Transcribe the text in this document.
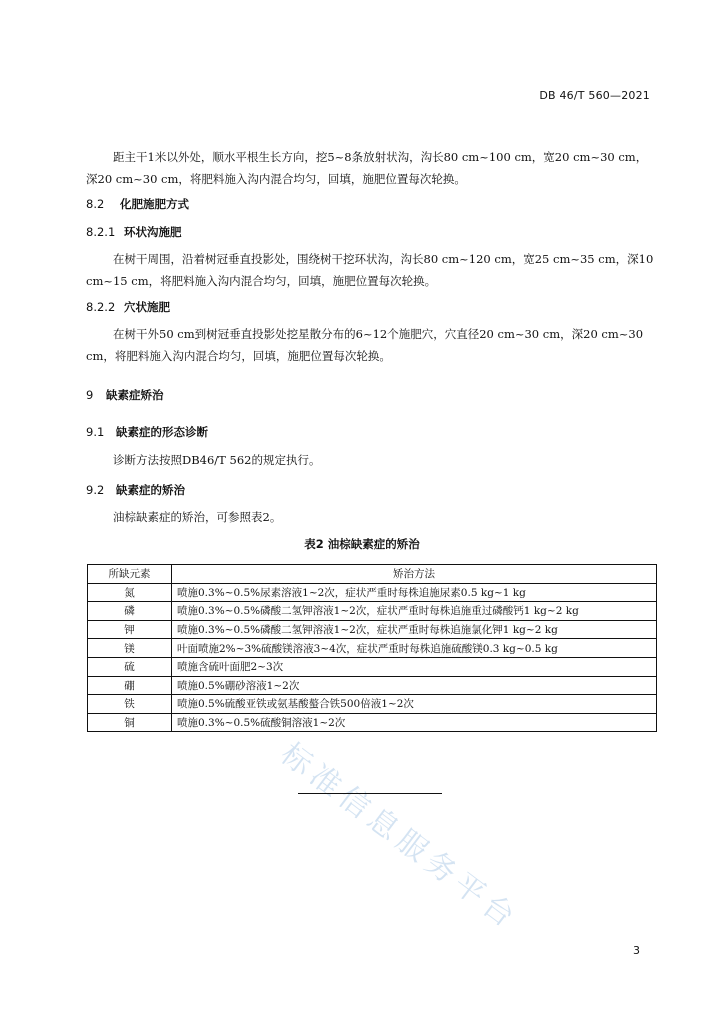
DB 46/T 560—2021
距主干1米以外处，顺水平根生长方向，挖5~8条放射状沟，沟长80 cm~100 cm，宽20 cm~30 cm，深20 cm~30 cm，将肥料施入沟内混合均匀，回填，施肥位置每次轮换。
8.2 化肥施肥方式
8.2.1 环状沟施肥
在树干周围，沿着树冠垂直投影处，围绕树干挖环状沟，沟长80 cm~120 cm，宽25 cm~35 cm，深10 cm~15 cm，将肥料施入沟内混合均匀，回填，施肥位置每次轮换。
8.2.2 穴状施肥
在树干外50 cm到树冠垂直投影处挖星散分布的6~12个施肥穴，穴直径20 cm~30 cm，深20 cm~30 cm，将肥料施入沟内混合均匀，回填，施肥位置每次轮换。
9 缺素症矫治
9.1 缺素症的形态诊断
诊断方法按照DB46/T 562的规定执行。
9.2 缺素症的矫治
油棕缺素症的矫治，可参照表2。
表2 油棕缺素症的矫治
所缺元素	矫治方法
氮	喷施0.3%~0.5%尿素溶液1~2次，症状严重时每株追施尿素0.5 kg~1 kg
磷	喷施0.3%~0.5%磷酸二氢钾溶液1~2次，症状严重时每株追施重过磷酸钙1 kg~2 kg
钾	喷施0.3%~0.5%磷酸二氢钾溶液1~2次，症状严重时每株追施氯化钾1 kg~2 kg
镁	叶面喷施2%~3%硫酸镁溶液3~4次，症状严重时每株追施硫酸镁0.3 kg~0.5 kg
硫	喷施含硫叶面肥2~3次
硼	喷施0.5%硼砂溶液1~2次
铁	喷施0.5%硫酸亚铁或氨基酸螯合铁500倍液1~2次
铜	喷施0.3%~0.5%硫酸铜溶液1~2次
标准信息服务平台
3
